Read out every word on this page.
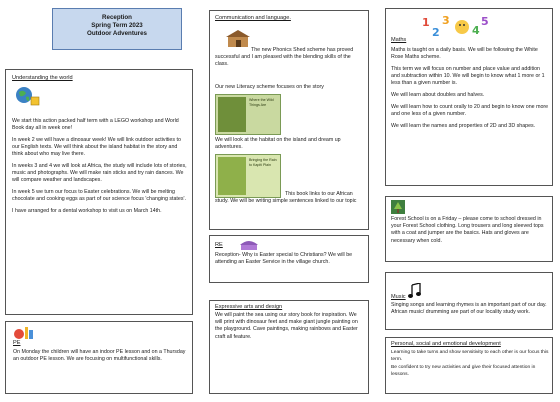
Reception
Spring Term 2023
Outdoor Adventures
Understanding the world

We start this action packed half term with a LEGO workshop and World Book day all in week one!

In week 2 we will have a dinosaur week! We will link outdoor activities to our English texts. We will think about the island habitat in the story and think about who may live there.

In weeks 3 and 4 we will look at Africa, the study will include lots of stories, music and photographs. We will make rain sticks and try rain dances. We will compare weather and landscapes.

In week 5 we turn our focus to Easter celebrations. We will be melting chocolate and cooking eggs as part of our science focus 'changing states'.

I have arranged for a dental workshop to visit us on March 14th.

PE
On Monday the children will have an indoor PE lesson and on a Thursday an outdoor PE lesson. We are focusing on multifunctional skills.
Communication and language.
The new Phonics Shed scheme has proved successful and I am pleased with the blending skills of the class.
Our new Literacy scheme focuses on the story
Where the Wild Things Are
We will look at the habitat on the island and dream up adventures.
Bringing the Rain to Kapiti Plain
This book links to our African study. We will be writing simple sentences linked to our topic
RE
Reception- Why is Easter special to Christians? We will be attending an Easter Service in the village church.
Expressive arts and design
We will paint the sea using our story book for inspiration. We will print with dinosaur feet and make giant jungle painting on the playground. Cave paintings, making rainbows and Easter craft all feature.
Maths
1
2
3
4
5

Maths is taught on a daily basis. We will be following the White Rose Maths scheme.

This term we will focus on number and place value and addition and subtraction within 10. We will begin to know what 1 more or 1 less than a given number is.

We will learn about doubles and halves.

We will learn how to count orally to 20 and begin to know one more and one less of a given number.

We will learn the names and properties of 2D and 3D shapes.

Forest School is on a Friday – please come to school dressed in your Forest School clothing. Long trousers and long sleeved tops with a coat and jumper are the basics. Hats and gloves are necessary when cold.
Music
Singing songs and learning rhymes is an important part of our day. African music/ drumming are part of our locality study work.
Personal, social and emotional development

Learning to take turns and show sensitivity to each other is our focus this term.

Be confident to try new activities and give their focused attention in lessons.
